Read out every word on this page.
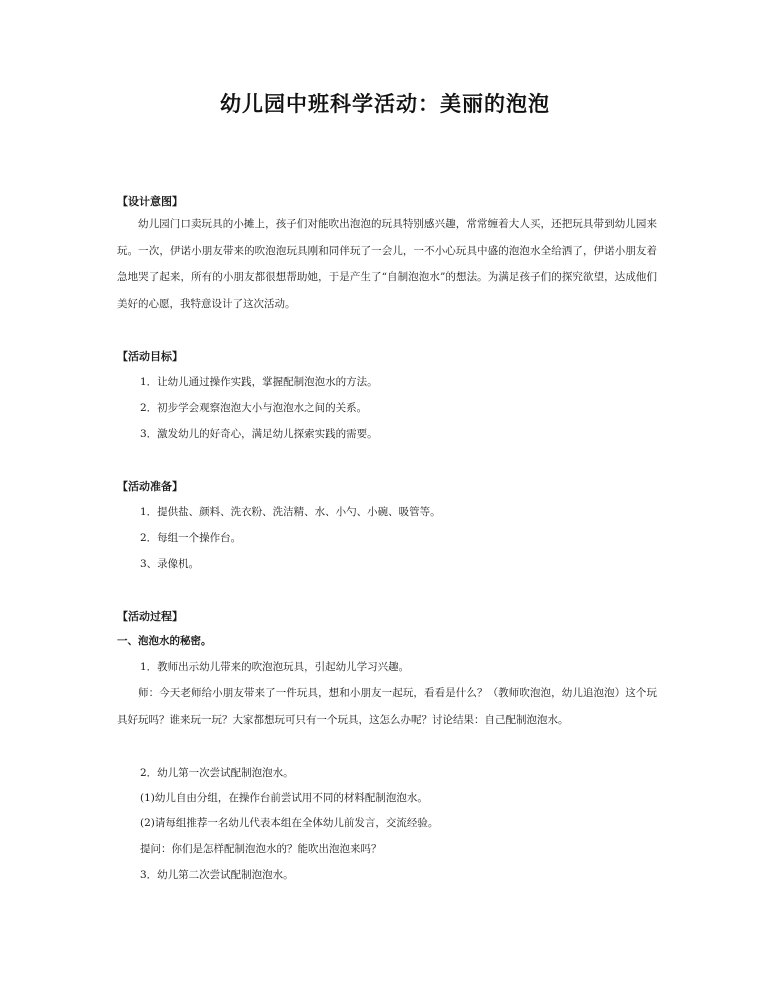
幼儿园中班科学活动：美丽的泡泡

【设计意图】

幼儿园门口卖玩具的小摊上，孩子们对能吹出泡泡的玩具特别感兴趣，常常缠着大人买，还把玩具带到幼儿园来玩。一次，伊诺小朋友带来的吹泡泡玩具刚和同伴玩了一会儿，一不小心玩具中盛的泡泡水全给洒了，伊诺小朋友着急地哭了起来，所有的小朋友都很想帮助她，于是产生了“自制泡泡水”的想法。为满足孩子们的探究欲望，达成他们美好的心愿，我特意设计了这次活动。

【活动目标】

1．让幼儿通过操作实践，掌握配制泡泡水的方法。

2．初步学会观察泡泡大小与泡泡水之间的关系。

3．激发幼儿的好奇心，满足幼儿探索实践的需要。

【活动准备】

1．提供盐、颜料、洗衣粉、洗洁精、水、小勺、小碗、吸管等。

2．每组一个操作台。

3、录像机。

【活动过程】

一、泡泡水的秘密。

1．教师出示幼儿带来的吹泡泡玩具，引起幼儿学习兴趣。

师：今天老师给小朋友带来了一件玩具，想和小朋友一起玩，看看是什么？（教师吹泡泡，幼儿追泡泡）这个玩具好玩吗？谁来玩一玩？大家都想玩可只有一个玩具，这怎么办呢？讨论结果：自己配制泡泡水。

2．幼儿第一次尝试配制泡泡水。

(1)幼儿自由分组，在操作台前尝试用不同的材料配制泡泡水。

(2)请每组推荐一名幼儿代表本组在全体幼儿前发言，交流经验。

提问：你们是怎样配制泡泡水的？能吹出泡泡来吗？

3．幼儿第二次尝试配制泡泡水。
